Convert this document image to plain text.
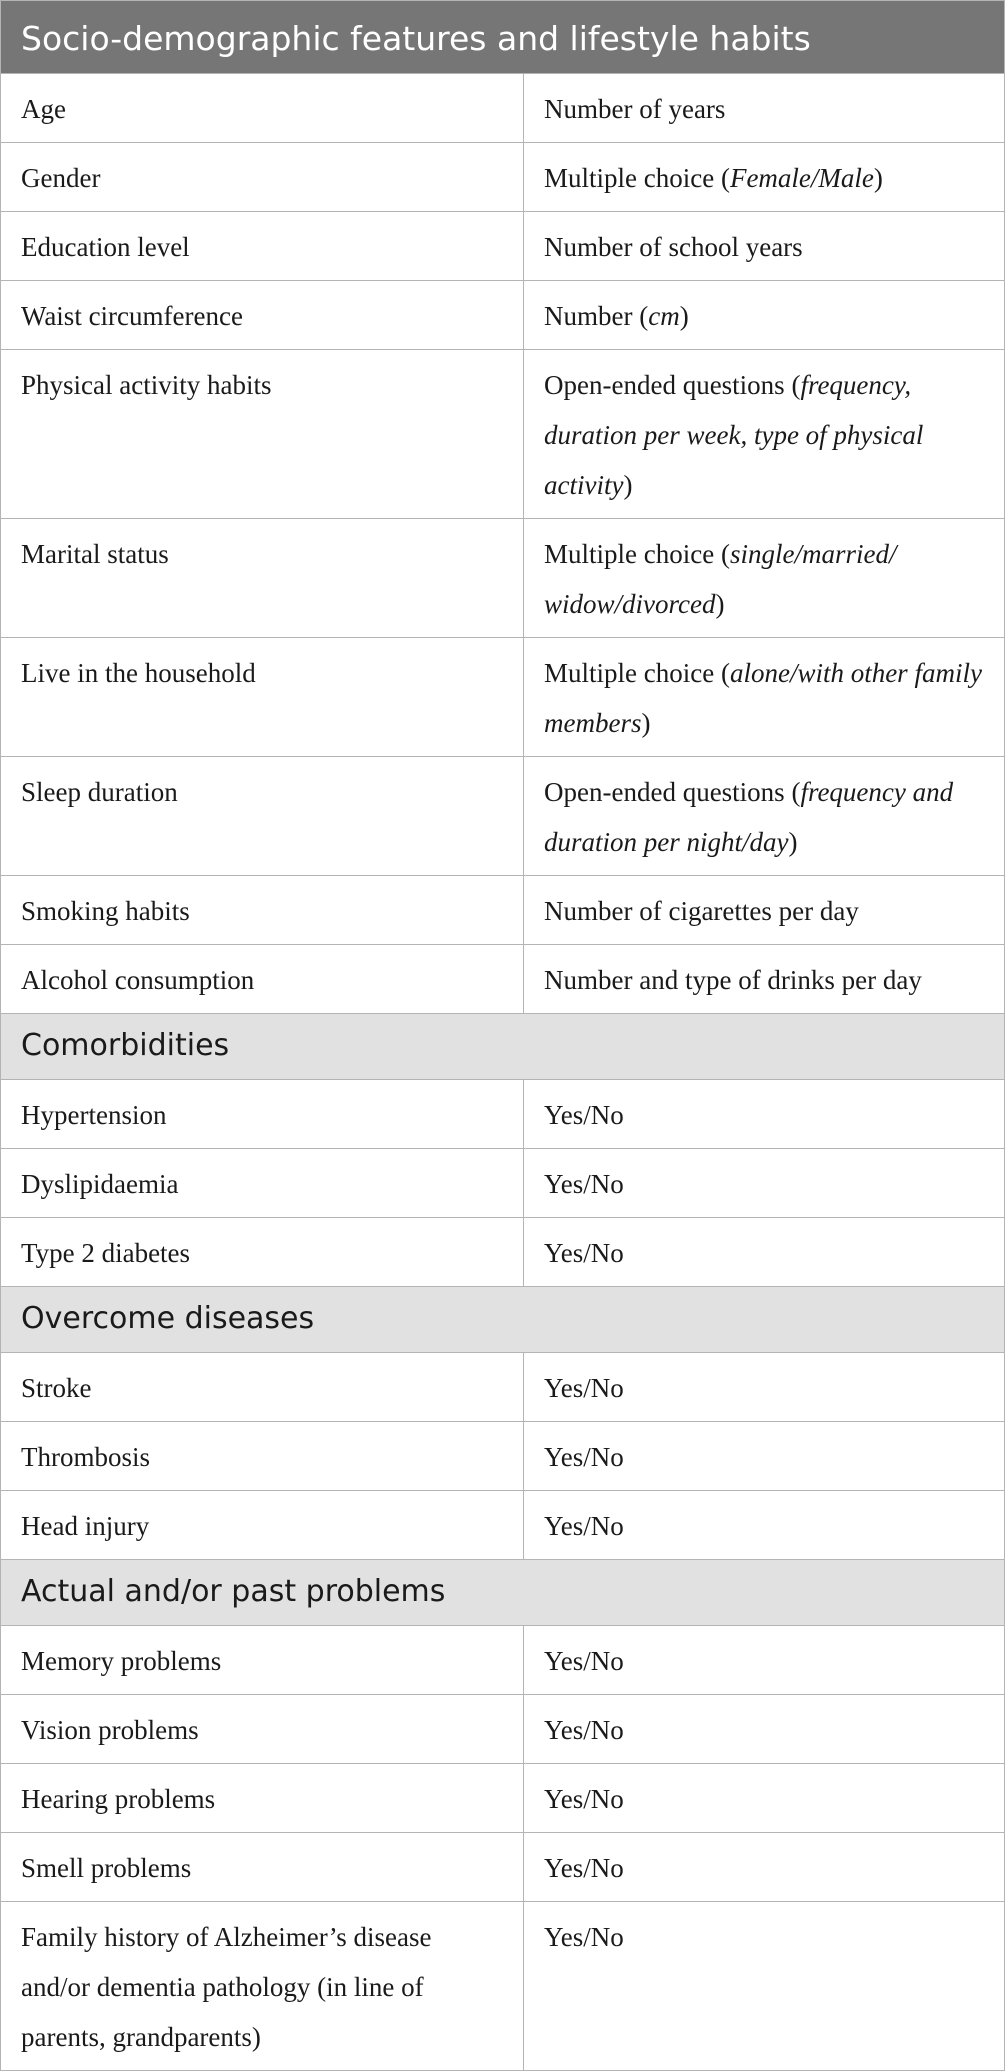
Socio-demographic features and lifestyle habits	
Age	Number of years
Gender	Multiple choice (Female/Male)
Education level	Number of school years
Waist circumference	Number (cm)
Physical activity habits	Open-ended questions (frequency, duration per week, type of physical activity)
Marital status	Multiple choice (single/married/ widow/divorced)
Live in the household	Multiple choice (alone/with other family members)
Sleep duration	Open-ended questions (frequency and duration per night/day)
Smoking habits	Number of cigarettes per day
Alcohol consumption	Number and type of drinks per day
Comorbidities	
Hypertension	Yes/No
Dyslipidaemia	Yes/No
Type 2 diabetes	Yes/No
Overcome diseases	
Stroke	Yes/No
Thrombosis	Yes/No
Head injury	Yes/No
Actual and/or past problems	
Memory problems	Yes/No
Vision problems	Yes/No
Hearing problems	Yes/No
Smell problems	Yes/No
Family history of Alzheimer’s disease and/or dementia pathology (in line of parents, grandparents)	Yes/No
